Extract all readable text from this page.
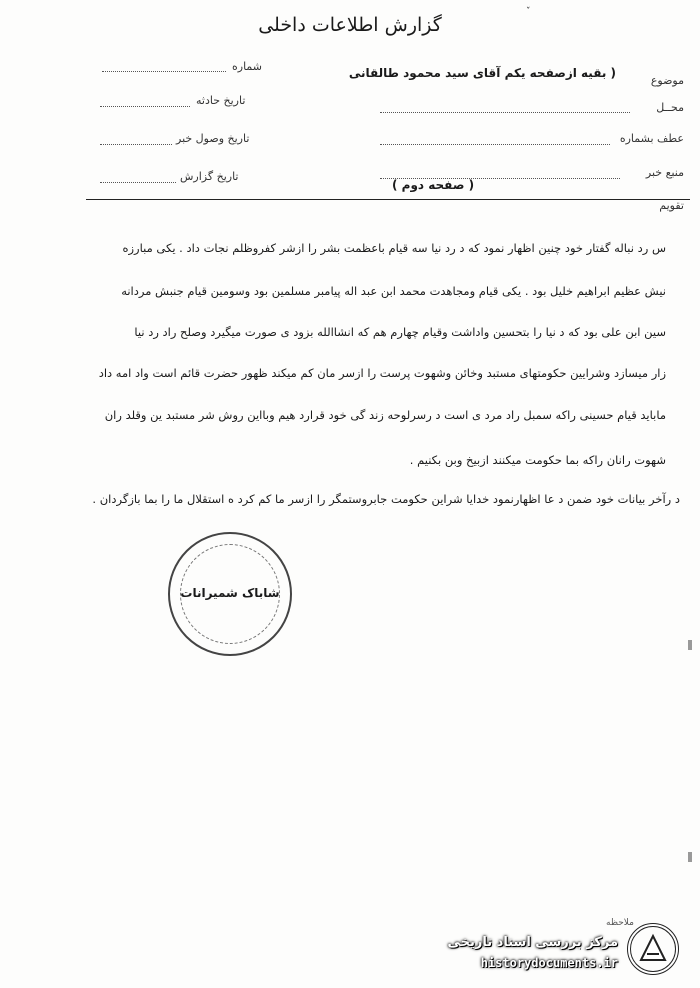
گزارش اطلاعات داخلی
ˇ
شماره
تاریخ حادثه
تاریخ وصول خبر
تاریخ گزارش
موضوع
( بقیه ازصفحه یکم آقای سید محمود طالقانی
محــل
عطف بشماره
منبع خبر
( صفحه دوم )
تقویم
س رد نباله گفتار خود چنین اظهار نمود که د رد نیا سه قیام باعظمت بشر را ازشر کفروظلم نجات داد . یکی مبارزه
نیش عظیم ابراهیم خلیل بود . یکی قیام ومجاهدت محمد ابن عبد اله پیامبر مسلمین بود وسومین قیام جنبش مردانه
سین ابن علی بود که د نیا را بتحسین واداشت وقیام چهارم هم که انشاالله بزود ی صورت میگیرد وصلح راد رد نیا
زار میسازد وشرایین حکومتهای مستبد وخائن وشهوت پرست را ازسر مان کم میکند ظهور حضرت قائم است واد امه داد
ماباید قیام حسینی راکه سمبل راد مرد ی است د رسرلوحه زند گی خود قرارد هیم وبااین روش شر مستبد ین وقلد ران
شهوت رانان راکه بما حکومت میکنند ازبیخ وبن بکنیم .
د رآخر بیانات خود ضمن د عا اظهارنمود خدایا شراین حکومت جابروستمگر را ازسر ما کم کرد ه استقلال ما را بما بازگردان .
شاباک شمیرانات
ملاحظه
مرکز بررسی اسناد تاریخی
historydocuments.ir
